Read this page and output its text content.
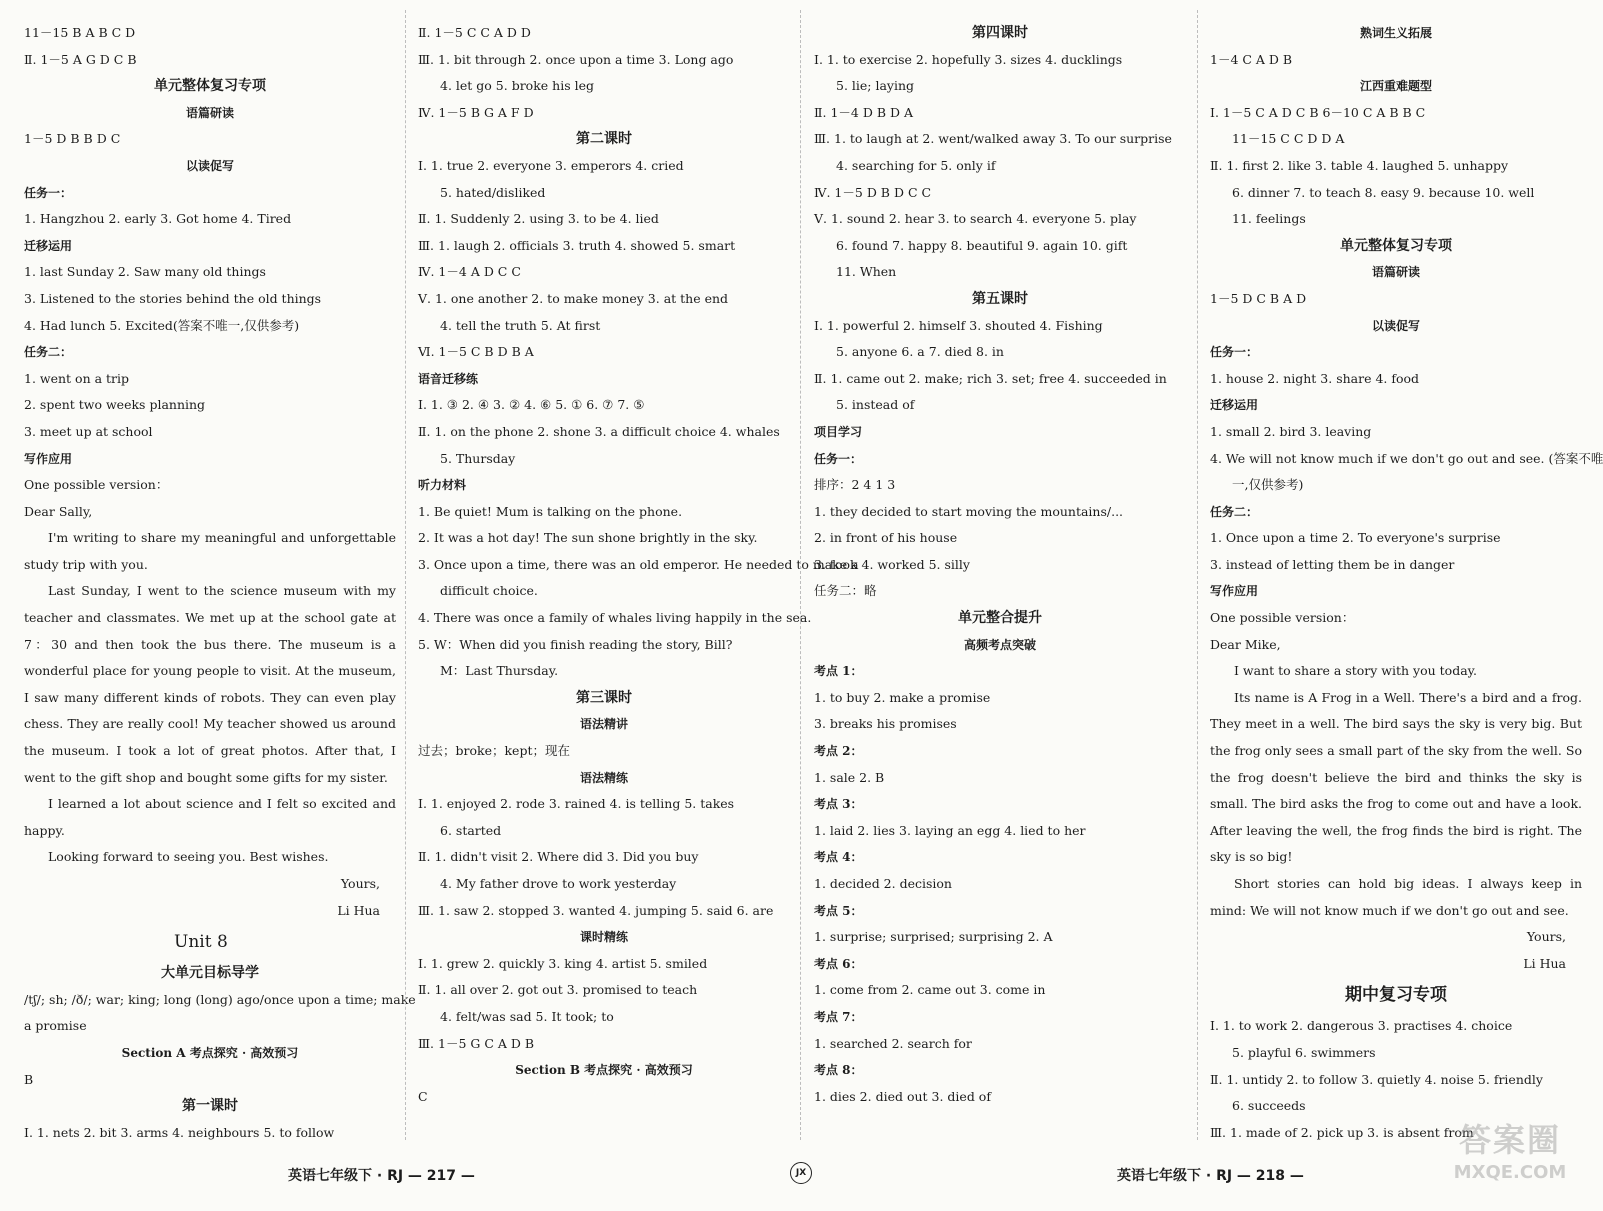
11－15 B A B C D
Ⅱ. 1－5 A G D C B
单元整体复习专项
语篇研读
1－5 D B B D C
以读促写
任务一：
1. Hangzhou 2. early 3. Got home 4. Tired
迁移运用
1. last Sunday 2. Saw many old things
3. Listened to the stories behind the old things
4. Had lunch 5. Excited(答案不唯一,仅供参考)
任务二：
1. went on a trip
2. spent two weeks planning
3. meet up at school
写作应用
One possible version：
Dear Sally,
I'm writing to share my meaningful and unforgettable study trip with you.
Last Sunday, I went to the science museum with my teacher and classmates. We met up at the school gate at 7：30 and then took the bus there. The museum is a wonderful place for young people to visit. At the museum, I saw many different kinds of robots. They can even play chess. They are really cool! My teacher showed us around the museum. I took a lot of great photos. After that, I went to the gift shop and bought some gifts for my sister.
I learned a lot about science and I felt so excited and happy.
Looking forward to seeing you. Best wishes.
Yours,
Li Hua
Unit 8
大单元目标导学
/tʃ/; sh; /ð/; war; king; long (long) ago/once upon a time; make
a promise
Section A 考点探究 · 高效预习
B
第一课时
Ⅰ. 1. nets 2. bit 3. arms 4. neighbours 5. to follow
Ⅱ. 1－5 C C A D D
Ⅲ. 1. bit through 2. once upon a time 3. Long ago
4. let go 5. broke his leg
Ⅳ. 1－5 B G A F D
第二课时
Ⅰ. 1. true 2. everyone 3. emperors 4. cried
5. hated/disliked
Ⅱ. 1. Suddenly 2. using 3. to be 4. lied
Ⅲ. 1. laugh 2. officials 3. truth 4. showed 5. smart
Ⅳ. 1－4 A D C C
Ⅴ. 1. one another 2. to make money 3. at the end
4. tell the truth 5. At first
Ⅵ. 1－5 C B D B A
语音迁移练
Ⅰ. 1. ③ 2. ④ 3. ② 4. ⑥ 5. ① 6. ⑦ 7. ⑤
Ⅱ. 1. on the phone 2. shone 3. a difficult choice 4. whales
5. Thursday
听力材料
1. Be quiet! Mum is talking on the phone.
2. It was a hot day! The sun shone brightly in the sky.
3. Once upon a time, there was an old emperor. He needed to make a
difficult choice.
4. There was once a family of whales living happily in the sea.
5. W：When did you finish reading the story, Bill?
M：Last Thursday.
第三课时
语法精讲
过去；broke；kept；现在
语法精练
Ⅰ. 1. enjoyed 2. rode 3. rained 4. is telling 5. takes
6. started
Ⅱ. 1. didn't visit 2. Where did 3. Did you buy
4. My father drove to work yesterday
Ⅲ. 1. saw 2. stopped 3. wanted 4. jumping 5. said 6. are
课时精练
Ⅰ. 1. grew 2. quickly 3. king 4. artist 5. smiled
Ⅱ. 1. all over 2. got out 3. promised to teach
4. felt/was sad 5. It took; to
Ⅲ. 1－5 G C A D B
Section B 考点探究 · 高效预习
C
第四课时
Ⅰ. 1. to exercise 2. hopefully 3. sizes 4. ducklings
5. lie; laying
Ⅱ. 1－4 D B D A
Ⅲ. 1. to laugh at 2. went/walked away 3. To our surprise
4. searching for 5. only if
Ⅳ. 1－5 D B D C C
Ⅴ. 1. sound 2. hear 3. to search 4. everyone 5. play
6. found 7. happy 8. beautiful 9. again 10. gift
11. When
第五课时
Ⅰ. 1. powerful 2. himself 3. shouted 4. Fishing
5. anyone 6. a 7. died 8. in
Ⅱ. 1. came out 2. make; rich 3. set; free 4. succeeded in
5. instead of
项目学习
任务一：
排序：2 4 1 3
1. they decided to start moving the mountains/...
2. in front of his house
3. took 4. worked 5. silly
任务二：略
单元整合提升
高频考点突破
考点 1：
1. to buy 2. make a promise
3. breaks his promises
考点 2：
1. sale 2. B
考点 3：
1. laid 2. lies 3. laying an egg 4. lied to her
考点 4：
1. decided 2. decision
考点 5：
1. surprise; surprised; surprising 2. A
考点 6：
1. come from 2. came out 3. come in
考点 7：
1. searched 2. search for
考点 8：
1. dies 2. died out 3. died of
熟词生义拓展
1－4 C A D B
江西重难题型
Ⅰ. 1－5 C A D C B 6－10 C A B B C
11－15 C C D D A
Ⅱ. 1. first 2. like 3. table 4. laughed 5. unhappy
6. dinner 7. to teach 8. easy 9. because 10. well
11. feelings
单元整体复习专项
语篇研读
1－5 D C B A D
以读促写
任务一：
1. house 2. night 3. share 4. food
迁移运用
1. small 2. bird 3. leaving
4. We will not know much if we don't go out and see. (答案不唯
一,仅供参考)
任务二：
1. Once upon a time 2. To everyone's surprise
3. instead of letting them be in danger
写作应用
One possible version：
Dear Mike,
I want to share a story with you today.
Its name is A Frog in a Well. There's a bird and a frog. They meet in a well. The bird says the sky is very big. But the frog only sees a small part of the sky from the well. So the frog doesn't believe the bird and thinks the sky is small. The bird asks the frog to come out and have a look. After leaving the well, the frog finds the bird is right. The sky is so big!
Short stories can hold big ideas. I always keep in mind: We will not know much if we don't go out and see.
Yours,
Li Hua
期中复习专项
Ⅰ. 1. to work 2. dangerous 3. practises 4. choice
5. playful 6. swimmers
Ⅱ. 1. untidy 2. to follow 3. quietly 4. noise 5. friendly
6. succeeds
Ⅲ. 1. made of 2. pick up 3. is absent from
英语七年级下 · RJ — 217 —	JX	英语七年级下 · RJ — 218 —
答案圈
MXQE.COM
